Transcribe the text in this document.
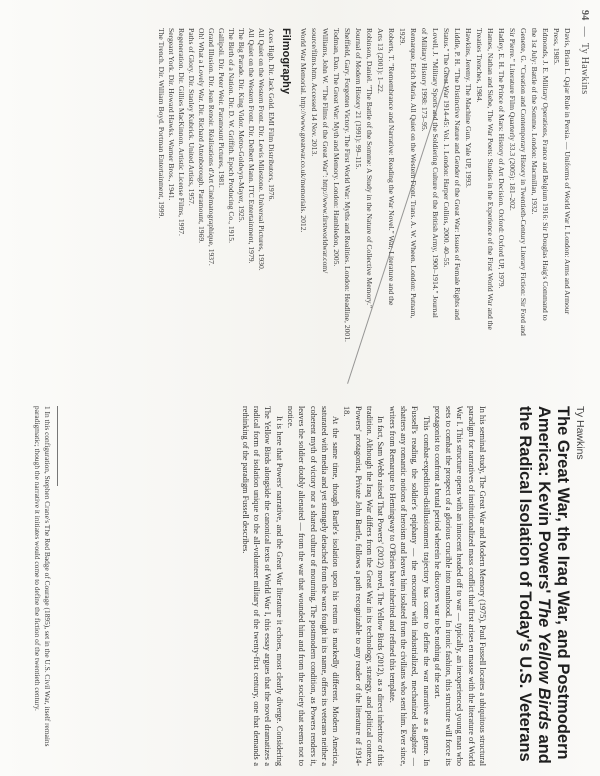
94—Ty Hawkins
Davis, Brian L. Qajar Rule in Persia. — Uniforms of World War I. London: Arms and Armour
Press, 1985.
Edmonds, J. E. Military Operations, France and Belgium 1916: Sir Douglas Haig's Command to
the 1st July: Battle of the Somme. London: Macmillan, 1932.
Genette, G. "Creation and Contemporary History in Twentieth-Century Literary Fiction: Sir Ford and
Sir Pierre." Literature Film Quarterly 33.3 (2005): 181–202.
Hadley, E. H. The Prince of Mars: History of Art Decision. Oxford: Oxford UP, 1979.
Hames, Nathan and Siebe, The War Poets: Studies in the Experience of the First World War and the
Treaties Trenches, 1984.
Hawkins, Jeremy. The Machine Gun. Yale UP, 1993.
Liddle, P. H. "The Distinctive Nature and Gender of the Great War: Issues of Female Rights and
Status." The Great War 1914-45: Vol. 1. London: Harper Collins, 2000. 40–55.
Lovell, J. "Military Sports and the Soldiering Culture of the British Army, 1900–1914." Journal
of Military History 1998: 173–95.
Remarque, Erich Maria. All Quiet on the Western Front. Trans. A. W. Wheen. London: Putnam,
1929.
Roberts, T. "Remembrance and Narrative: Reading the War Novel." War, Literature and the
Arts 13 (2001): 1–22.
Robinson, Daniel. "The Battle of the Somme: A Study in the Nature of Collective Memory."
Journal of Modern History 21 (1991): 99–115.
Sheffield, Gary. Forgotten Victory. The First World War: Myths and Realities. London: Headline, 2001.
Todman, Dan. The Great War: Myth and Memory. London: Hambledon, 2005.
Williams, John W. "The Films of the Great War": http://www.firstworldwar.com/
source/films.htm. Accessed 14 Nov. 2013.
World War Memorial. http://www.greatwar.co.uk/memorials. 2012.
Filmography
Aces High. Dir. Jack Gold. EMI Film Distributors, 1976.
All Quiet on the Western Front. Dir. Lewis Milestone. Universal Pictures, 1930.
All Quiet on the Western Front. Dir. Delbert Mann. ITC Entertainment, 1979.
The Big Parade. Dir. King Vidor. Metro-Goldwyn-Mayer, 1925.
The Birth of a Nation. Dir. D. W. Griffith. Epoch Producing Co., 1915.
Gallipoli. Dir. Peter Weir. Paramount Pictures, 1981.
Grand Illusion. Dir. Jean Renoir. Réalisations d'Art Cinématographique, 1937.
Oh! What a Lovely War. Dir. Richard Attenborough. Paramount, 1969.
Paths of Glory. Dir. Stanley Kubrick. United Artists, 1957.
Regeneration. Dir. Gillies MacKinnon. Artistic License Films, 1997.
Sergeant York. Dir. Howard Hawks. Warner Bros., 1941.
The Trench. Dir. William Boyd. Portman Entertainment, 1999.
Ty Hawkins
The Great War, the Iraq War, and Postmodern America: Kevin Powers' The Yellow Birds and the Radical Isolation of Today's U.S. Veterans

In his seminal study, The Great War and Modern Memory (1975), Paul Fussell locates a ubiquitous structural paradigm for narratives of institutionalized mass conflict that first arises en masse with the literature of World War I. This structure opens with an innocent headed off to war — typically, an inexperienced young man who sets to combat the prospect of a glorious crucible into manhood. In ironic fashion, this structure will force its protagonist to confront a brutal period wherein he discovers war to be nothing of the sort.

This combat-expedition-disillusionment trajectory has come to define the war narrative as a genre. In Fussell's reading, the soldier's epiphany — the encounter with industrialized, mechanized slaughter — shatters any romantic notions of heroism and leaves him isolated from the civilians who sent him. Ever since, writers from Remarque to Hemingway to O'Brien have inherited and refined this template.

In fact, Sam Webb raised That Powers' (2012) novel, The Yellow Birds (2012), as a direct inheritor of this tradition. Although the Iraq War differs from the Great War in its technology, strategy, and political context, Powers' protagonist, Private John Bartle, follows a path recognizable to any reader of the literature of 1914-18.

At the same time, though Bartle's isolation upon his return is markedly different. Modern America, saturated with media and yet strangely detached from the wars fought in its name, offers its veterans neither a coherent myth of victory nor a shared culture of mourning. The postmodern condition, as Powers renders it, leaves the soldier doubly alienated — from the war that wounded him and from the society that seems not to notice.

It is here that Powers' narrative, and the Great War literature it echoes, most clearly diverge. Considering The Yellow Birds alongside the canonical texts of World War I, this essay argues that the novel dramatizes a radical form of isolation unique to the all-volunteer military of the twenty-first century, one that demands a rethinking of the paradigm Fussell describes.

1 In this configuration, Stephen Crane's The Red Badge of Courage (1895), set in the U.S. Civil War, itself remains paradigmatic; though the narrative it initiates would come to define the fiction of the twentieth century.
